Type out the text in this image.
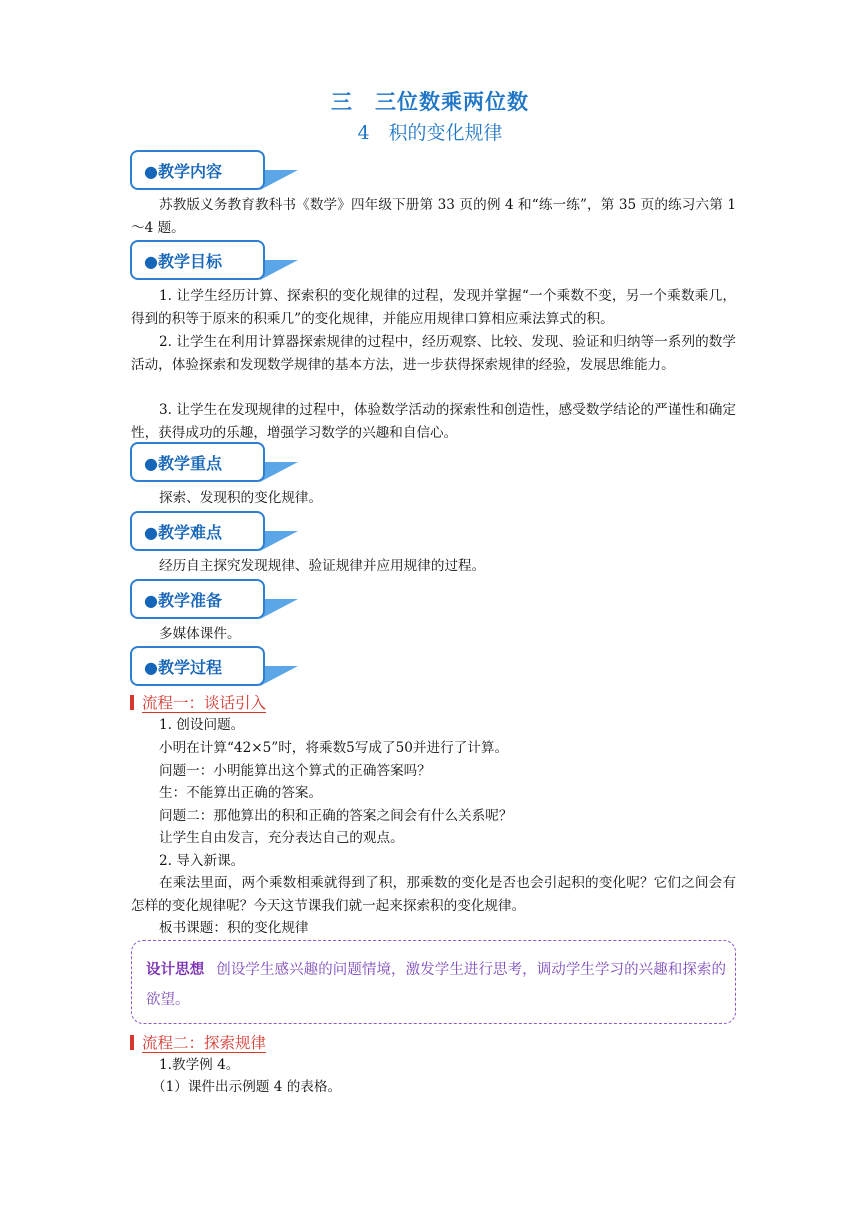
三　三位数乘两位数
4　积的变化规律
●教学内容

苏教版义务教育教科书《数学》四年级下册第 33 页的例 4 和“练一练”，第 35 页的练习六第 1～4 题。

●教学目标

1. 让学生经历计算、探索积的变化规律的过程，发现并掌握“一个乘数不变，另一个乘数乘几，得到的积等于原来的积乘几”的变化规律，并能应用规律口算相应乘法算式的积。

2. 让学生在利用计算器探索规律的过程中，经历观察、比较、发现、验证和归纳等一系列的数学活动，体验探索和发现数学规律的基本方法，进一步获得探索规律的经验，发展思维能力。

3. 让学生在发现规律的过程中，体验数学活动的探索性和创造性，感受数学结论的严谨性和确定性，获得成功的乐趣，增强学习数学的兴趣和自信心。

●教学重点

探索、发现积的变化规律。

●教学难点

经历自主探究发现规律、验证规律并应用规律的过程。

●教学准备

多媒体课件。

●教学过程
流程一：谈话引入

1. 创设问题。

小明在计算“42×5”时，将乘数5写成了50并进行了计算。

问题一：小明能算出这个算式的正确答案吗？

生：不能算出正确的答案。

问题二：那他算出的积和正确的答案之间会有什么关系呢？

让学生自由发言，充分表达自己的观点。

2. 导入新课。

在乘法里面，两个乘数相乘就得到了积，那乘数的变化是否也会引起积的变化呢？它们之间会有怎样的变化规律呢？今天这节课我们就一起来探索积的变化规律。

板书课题：积的变化规律

设计思想 创设学生感兴趣的问题情境，激发学生进行思考，调动学生学习的兴趣和探索的欲望。
流程二：探索规律

1.教学例 4。

（1）课件出示例题 4 的表格。
